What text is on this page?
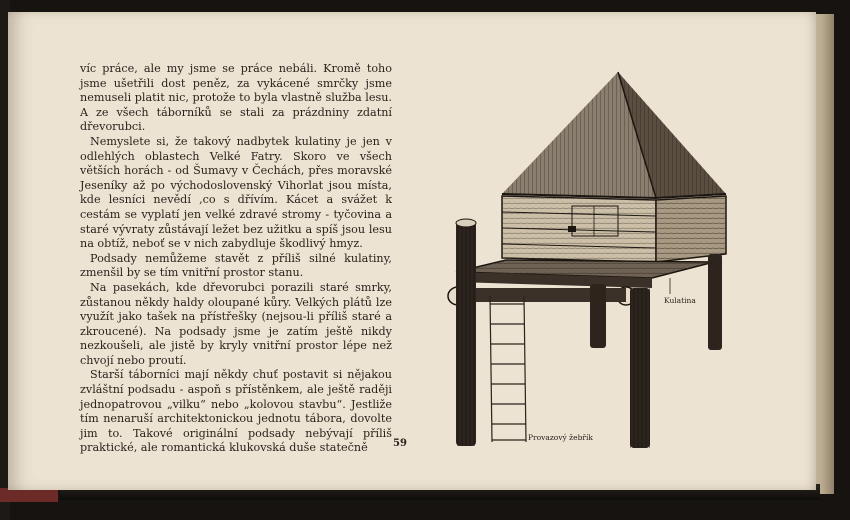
víc práce, ale my jsme se práce nebáli. Kromě toho jsme ušetřili dost peněz, za vykácené smrčky jsme nemuseli platit nic, protože to byla vlastně služba lesu. A ze všech táborníků se stali za prázdniny zdatní dřevorubci.

Nemyslete si, že takový nadbytek kulatiny je jen v odlehlých oblastech Velké Fatry. Skoro ve všech větších horách - od Šumavy v Čechách, přes moravské Jeseníky až po východoslovenský Vihorlat jsou místa, kde lesníci nevědí ,co s dřívím. Kácet a svážet k cestám se vyplatí jen velké zdravé stromy - tyčovina a staré vývraty zůstávají ležet bez užitku a spíš jsou lesu na obtíž, neboť se v nich zabydluje škodlivý hmyz.

Podsady nemůžeme stavět z příliš silné kulatiny, zmenšil by se tím vnitřní prostor stanu.

Na pasekách, kde dřevorubci porazili staré smrky, zůstanou někdy haldy oloupané kůry. Velkých plátů lze využít jako tašek na přístřešky (nejsou-li příliš staré a zkroucené). Na podsady jsme je zatím ještě nikdy nezkoušeli, ale jistě by kryly vnitřní prostor lépe než chvojí nebo proutí.

Starší táborníci mají někdy chuť postavit si nějakou zvláštní podsadu - aspoň s přístěnkem, ale ještě raději jednopatrovou „vilku“ nebo „kolovou stavbu“. Jestliže tím nenaruší architektonickou jednotu tábora, dovolte jim to. Takové originální podsady nebývají příliš praktické, ale romantická klukovská duše statečně	59
Kulatina
Provazový žebřík
